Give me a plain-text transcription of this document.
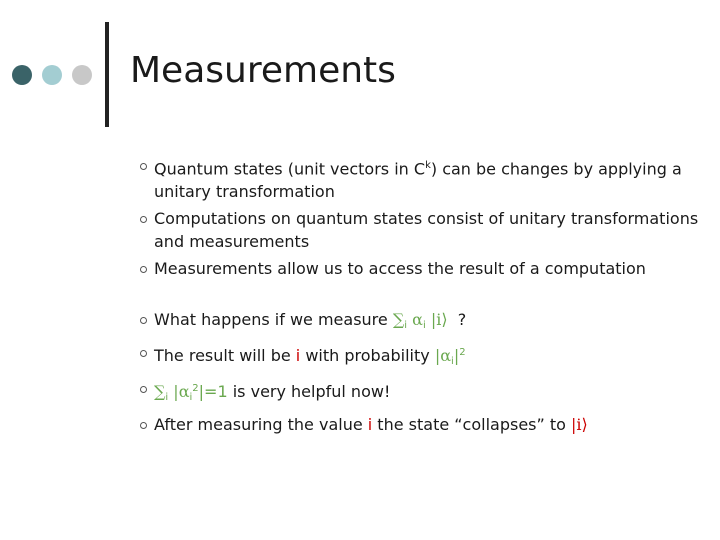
Measurements
Quantum states (unit vectors in $C^k$) can be changes by applying a unitary transformation
Computations on quantum states consist of unitary transformations and measurements
Measurements allow us to access the result of a computation
What happens if we measure ∑i αi |i⟩ ?
The result will be i with probability $|\alpha i|^2$
∑i $|\alpha i^2|=1$ is very helpful now!
After measuring the value i the state “collapses” to |i⟩
